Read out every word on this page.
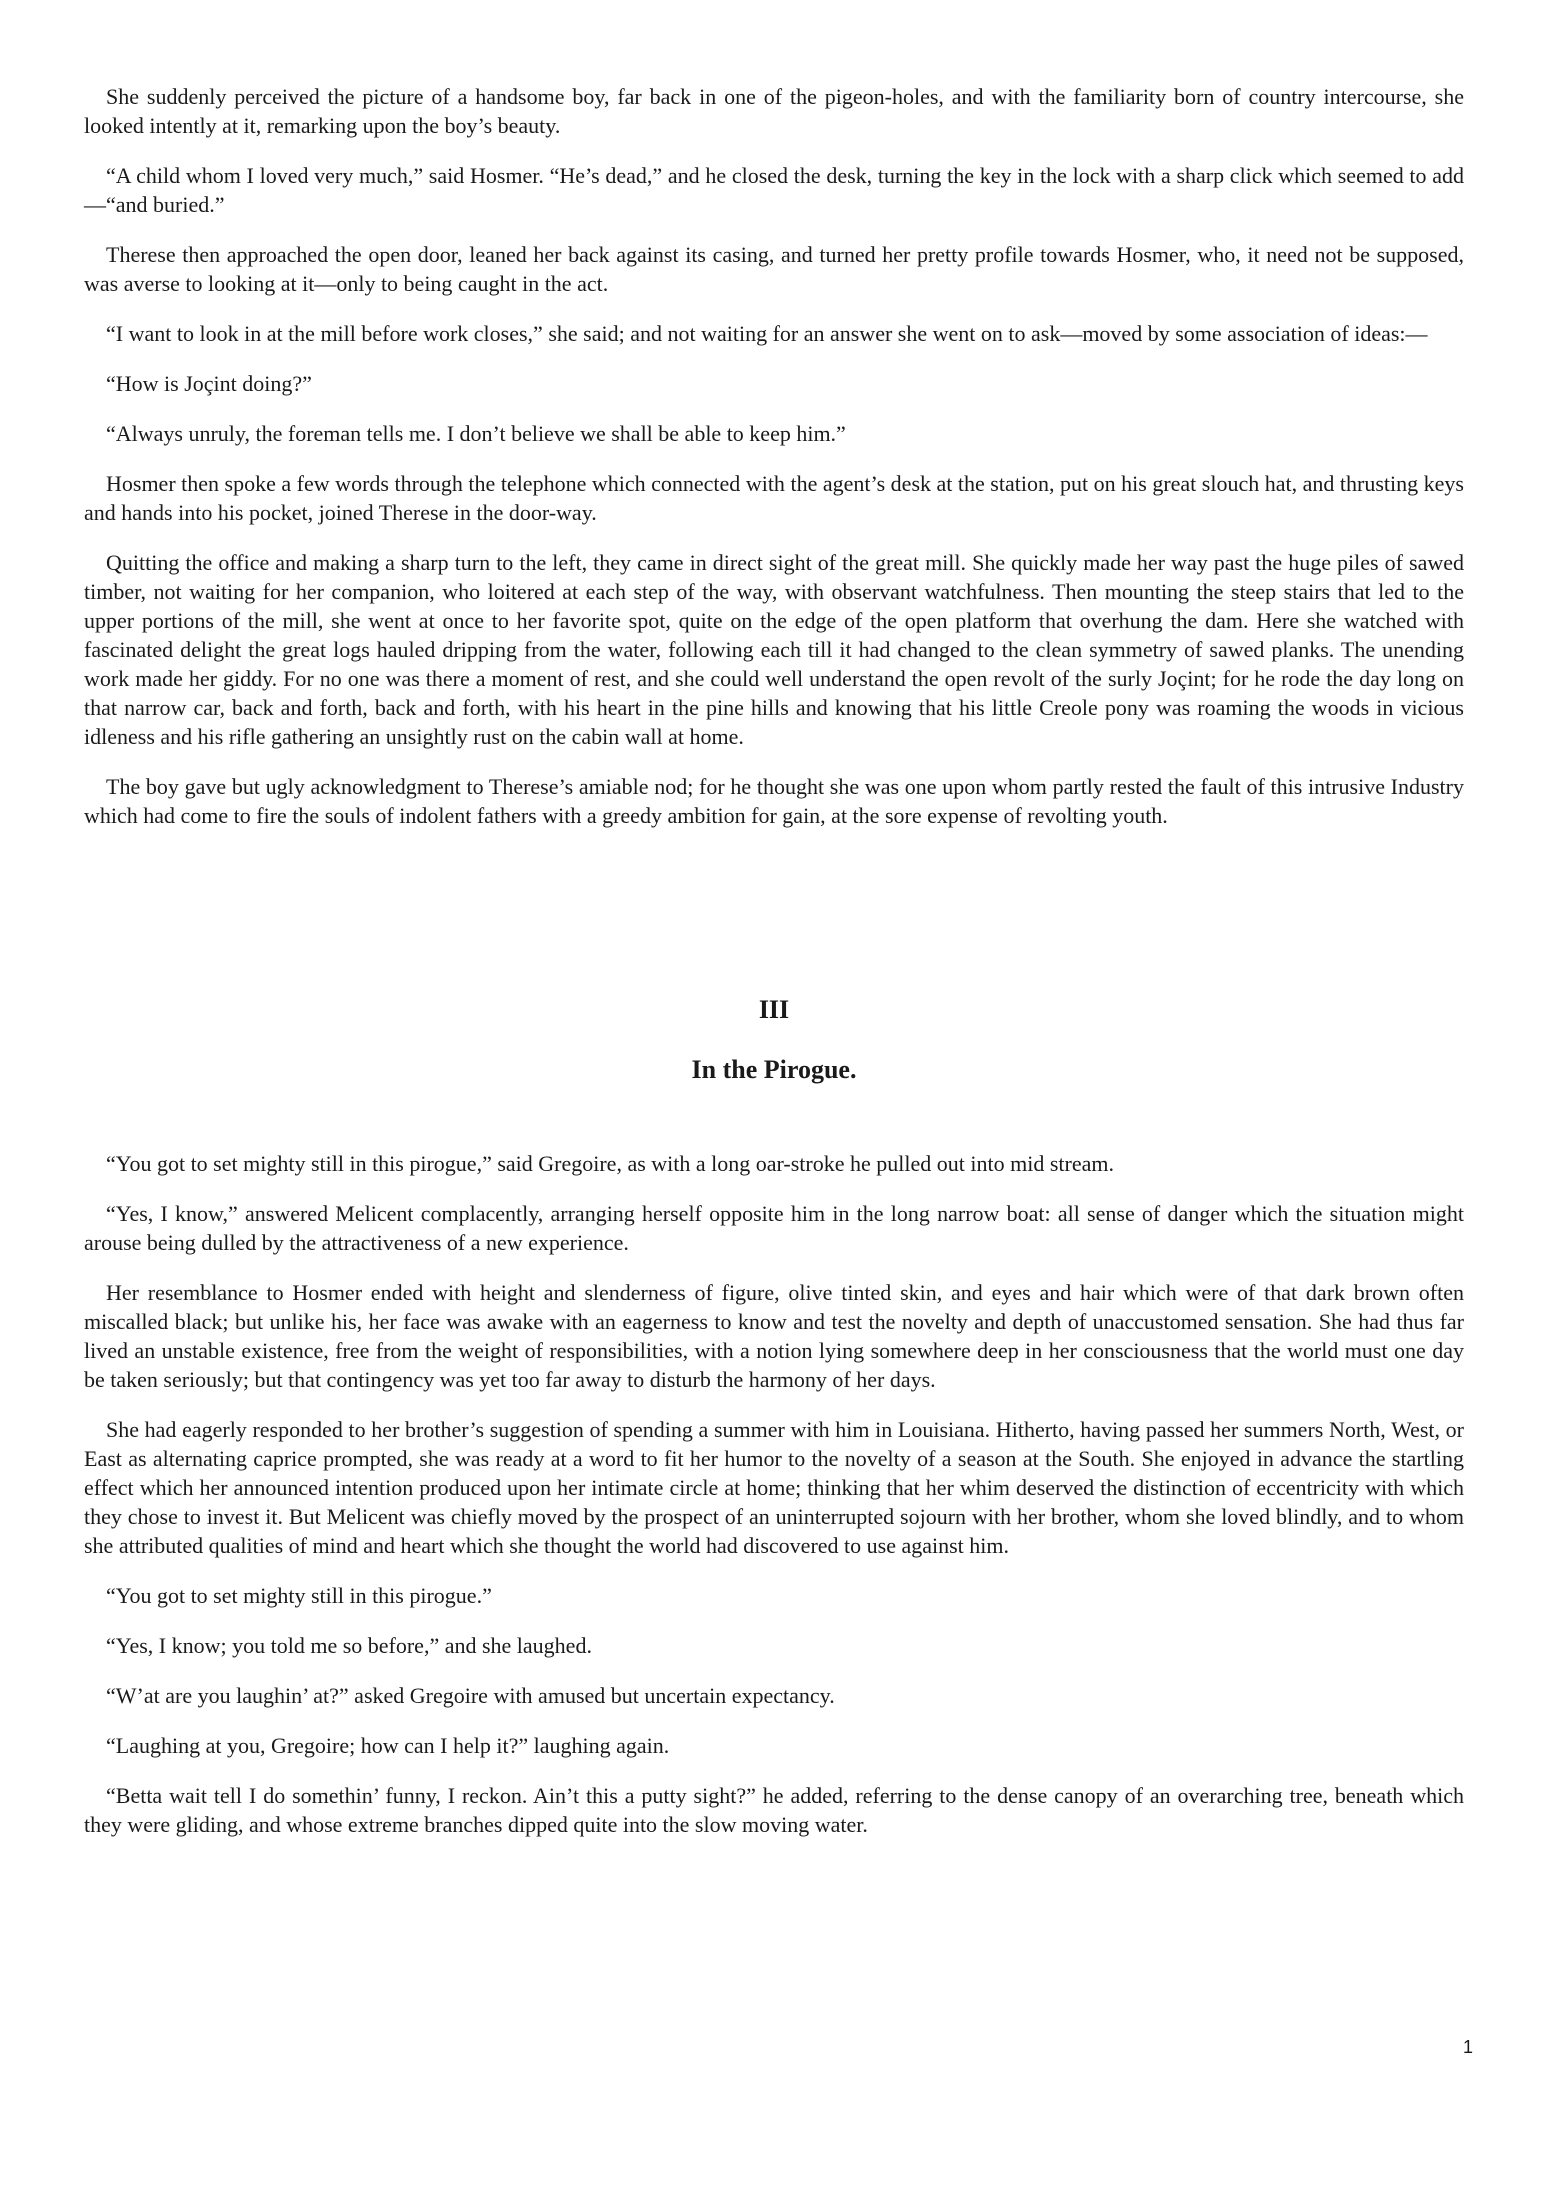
She suddenly perceived the picture of a handsome boy, far back in one of the pigeon-holes, and with the familiarity born of country intercourse, she looked intently at it, remarking upon the boy’s beauty.

“A child whom I loved very much,” said Hosmer. “He’s dead,” and he closed the desk, turning the key in the lock with a sharp click which seemed to add—“and buried.”

Therese then approached the open door, leaned her back against its casing, and turned her pretty profile towards Hosmer, who, it need not be supposed, was averse to looking at it—only to being caught in the act.

“I want to look in at the mill before work closes,” she said; and not waiting for an answer she went on to ask—moved by some association of ideas:—

“How is Joçint doing?”

“Always unruly, the foreman tells me. I don’t believe we shall be able to keep him.”

Hosmer then spoke a few words through the telephone which connected with the agent’s desk at the station, put on his great slouch hat, and thrusting keys and hands into his pocket, joined Therese in the door-way.

Quitting the office and making a sharp turn to the left, they came in direct sight of the great mill. She quickly made her way past the huge piles of sawed timber, not waiting for her companion, who loitered at each step of the way, with observant watchfulness. Then mounting the steep stairs that led to the upper portions of the mill, she went at once to her favorite spot, quite on the edge of the open platform that overhung the dam. Here she watched with fascinated delight the great logs hauled dripping from the water, following each till it had changed to the clean symmetry of sawed planks. The unending work made her giddy. For no one was there a moment of rest, and she could well understand the open revolt of the surly Joçint; for he rode the day long on that narrow car, back and forth, back and forth, with his heart in the pine hills and knowing that his little Creole pony was roaming the woods in vicious idleness and his rifle gathering an unsightly rust on the cabin wall at home.

The boy gave but ugly acknowledgment to Therese’s amiable nod; for he thought she was one upon whom partly rested the fault of this intrusive Industry which had come to fire the souls of indolent fathers with a greedy ambition for gain, at the sore expense of revolting youth.

III
In the Pirogue.

“You got to set mighty still in this pirogue,” said Gregoire, as with a long oar-stroke he pulled out into mid stream.

“Yes, I know,” answered Melicent complacently, arranging herself opposite him in the long narrow boat: all sense of danger which the situation might arouse being dulled by the attractiveness of a new experience.

Her resemblance to Hosmer ended with height and slenderness of figure, olive tinted skin, and eyes and hair which were of that dark brown often miscalled black; but unlike his, her face was awake with an eagerness to know and test the novelty and depth of unaccustomed sensation. She had thus far lived an unstable existence, free from the weight of responsibilities, with a notion lying somewhere deep in her consciousness that the world must one day be taken seriously; but that contingency was yet too far away to disturb the harmony of her days.

She had eagerly responded to her brother’s suggestion of spending a summer with him in Louisiana. Hitherto, having passed her summers North, West, or East as alternating caprice prompted, she was ready at a word to fit her humor to the novelty of a season at the South. She enjoyed in advance the startling effect which her announced intention produced upon her intimate circle at home; thinking that her whim deserved the distinction of eccentricity with which they chose to invest it. But Melicent was chiefly moved by the prospect of an uninterrupted sojourn with her brother, whom she loved blindly, and to whom she attributed qualities of mind and heart which she thought the world had discovered to use against him.

“You got to set mighty still in this pirogue.”

“Yes, I know; you told me so before,” and she laughed.

“W’at are you laughin’ at?” asked Gregoire with amused but uncertain expectancy.

“Laughing at you, Gregoire; how can I help it?” laughing again.

“Betta wait tell I do somethin’ funny, I reckon. Ain’t this a putty sight?” he added, referring to the dense canopy of an overarching tree, beneath which they were gliding, and whose extreme branches dipped quite into the slow moving water.

1
